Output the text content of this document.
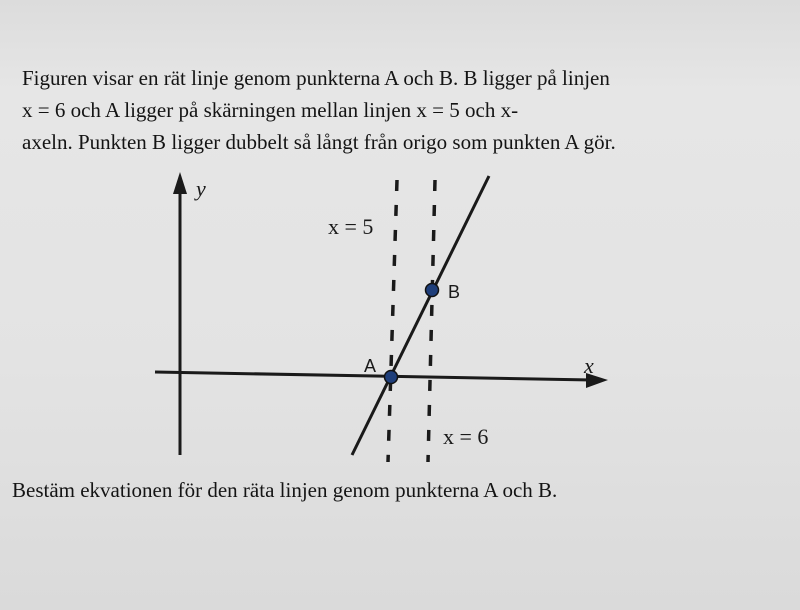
Figuren visar en rät linje genom punkterna A och B. B ligger på linjen

x = 6 och A ligger på skärningen mellan linjen x = 5 och x-

axeln. Punkten B ligger dubbelt så långt från origo som punkten A gör.

y
x
x = 5
x = 6
A
B
Bestäm ekvationen för den räta linjen genom punkterna A och B.
